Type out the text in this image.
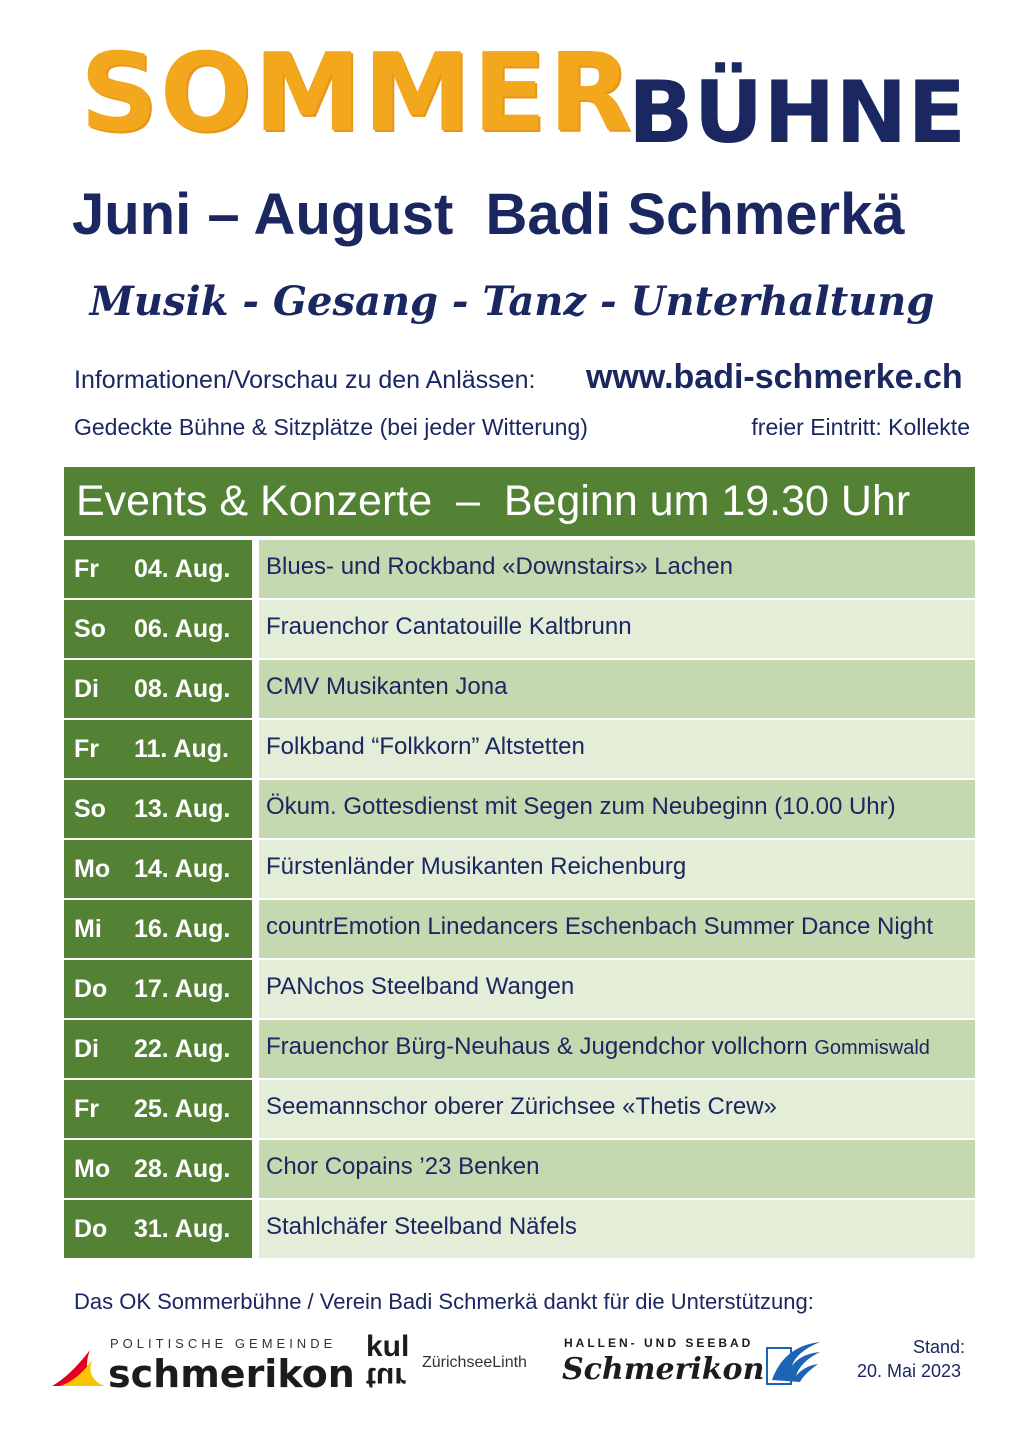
SOMMER
BÜHNE
Juni – August  Badi Schmerkä
Musik - Gesang - Tanz - Unterhaltung
Informationen/Vorschau zu den Anlässen: www.badi-schmerke.ch
Gedeckte Bühne & Sitzplätze (bei jeder Witterung)	freier Eintritt: Kollekte
Events & Konzerte  –  Beginn um 19.30 Uhr
Fr 04. Aug. Blues- und Rockband «Downstairs» Lachen
So 06. Aug. Frauenchor Cantatouille Kaltbrunn
Di 08. Aug. CMV Musikanten Jona
Fr 11. Aug. Folkband “Folkkorn” Altstetten
So 13. Aug. Ökum. Gottesdienst mit Segen zum Neubeginn (10.00 Uhr)
Mo 14. Aug. Fürstenländer Musikanten Reichenburg
Mi 16. Aug. countrEmotion Linedancers Eschenbach Summer Dance Night
Do 17. Aug. PANchos Steelband Wangen
Di 22. Aug. Frauenchor Bürg-Neuhaus & Jugendchor vollchorn Gommiswald
Fr 25. Aug. Seemannschor oberer Zürichsee «Thetis Crew»
Mo 28. Aug. Chor Copains ’23 Benken
Do 31. Aug. Stahlchäfer Steelband Näfels
Das OK Sommerbühne / Verein Badi Schmerkä dankt für die Unterstützung:
POLITISCHE GEMEINDE
schmerikon
kul
tur ZürichseeLinth
HALLEN- UND SEEBAD
Schmerikon
Stand:
20. Mai 2023
